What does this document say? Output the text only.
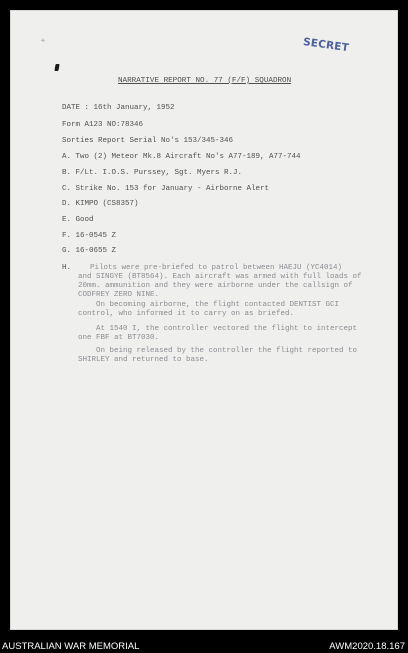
✦	SECRET
NARRATIVE REPORT NO. 77 (F/F) SQUADRON
DATE : 16th January, 1952
Form A123 NO:78346
Sorties Report Serial No's 153/345-346
A. Two (2) Meteor Mk.8 Aircraft No's A77-189, A77-744
B. F/Lt. I.O.S. Purssey, Sgt. Myers R.J.
C. Strike No. 153 for January - Airborne Alert
D. KIMPO (CS8357)
E. Good
F. 16-0545 Z
G. 16-0655 Z
H.	Pilots were pre-briefed to patrol between HAEJU (YC4014)
and SINGYE (BT8564). Each aircraft was armed with full loads of
20mm. ammunition and they were airborne under the callsign of
CODFREY ZERO NINE.
On becoming airborne, the flight contacted DENTIST GCI
control, who informed it to carry on as briefed.
At 1540 I, the controller vectored the flight to intercept
one FBF at BT7030.
On being released by the controller the flight reported to
SHIRLEY and returned to base.
AUSTRALIAN WAR MEMORIAL	AWM2020.18.167
